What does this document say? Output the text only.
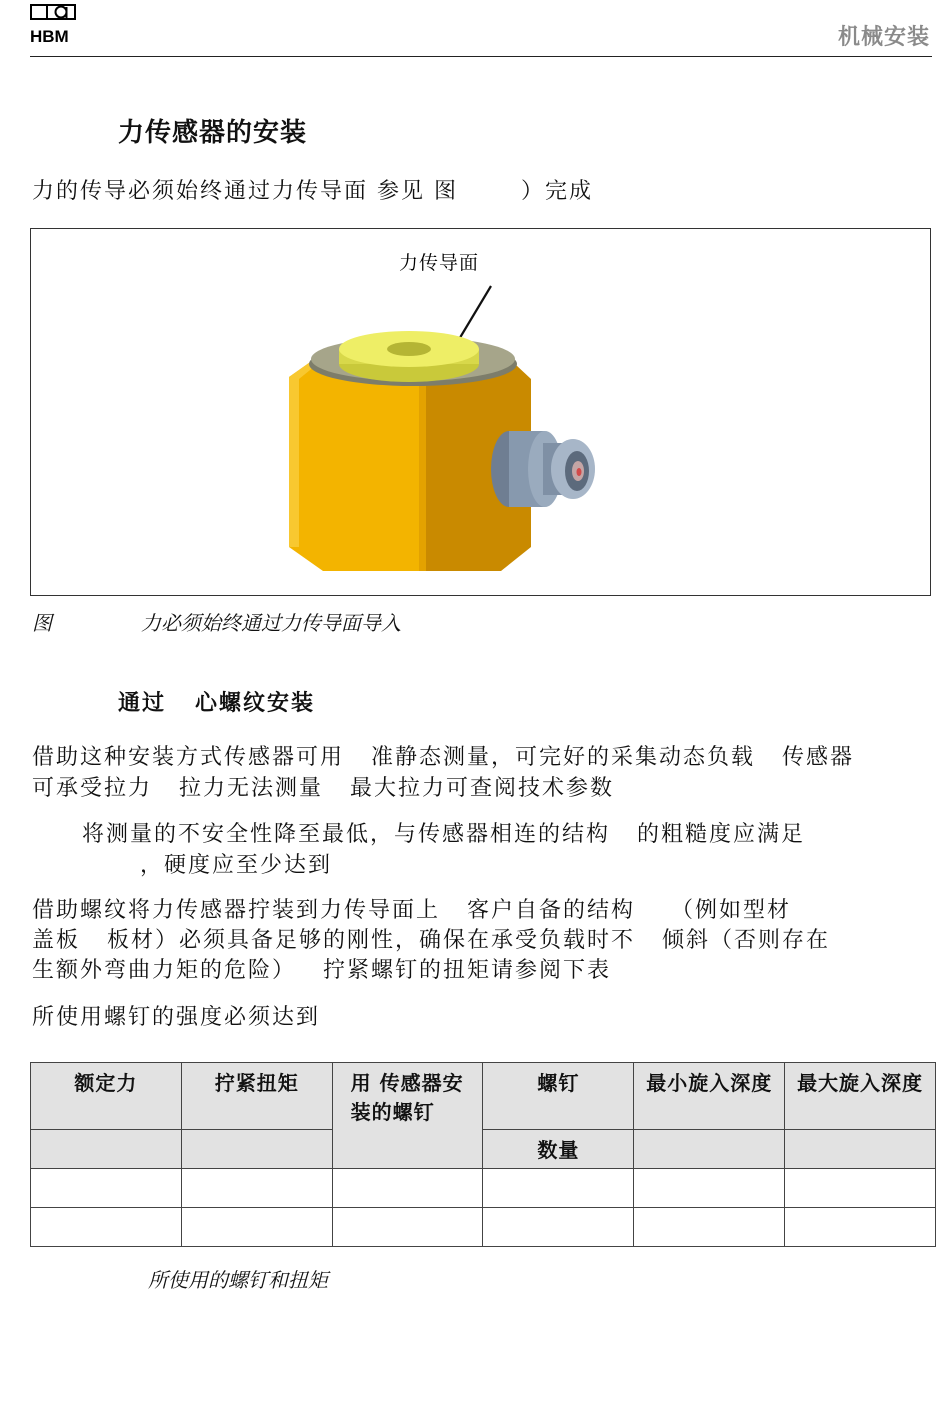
HBM	机械安装
力传感器的安装
力的传导必须始终通过力传导面 参见 图       ）完成
力传导面
图              力必须始终通过力传导面导入
通过   心螺纹安装
借助这种安装方式传感器可用   准静态测量，可完好的采集动态负载   传感器
可承受拉力   拉力无法测量   最大拉力可查阅技术参数
将测量的不安全性降至最低，与传感器相连的结构   的粗糙度应满足
，硬度应至少达到
借助螺纹将力传感器拧装到力传导面上   客户自备的结构    （例如型材
盖板   板材）必须具备足够的刚性，确保在承受负载时不   倾斜（否则存在
生额外弯曲力矩的危险）   拧紧螺钉的扭矩请参阅下表
所使用螺钉的强度必须达到
额定力	拧紧扭矩	用 传感器安装的螺钉	螺钉	最小旋入深度	最大旋入深度
			数量		

所使用的螺钉和扭矩
